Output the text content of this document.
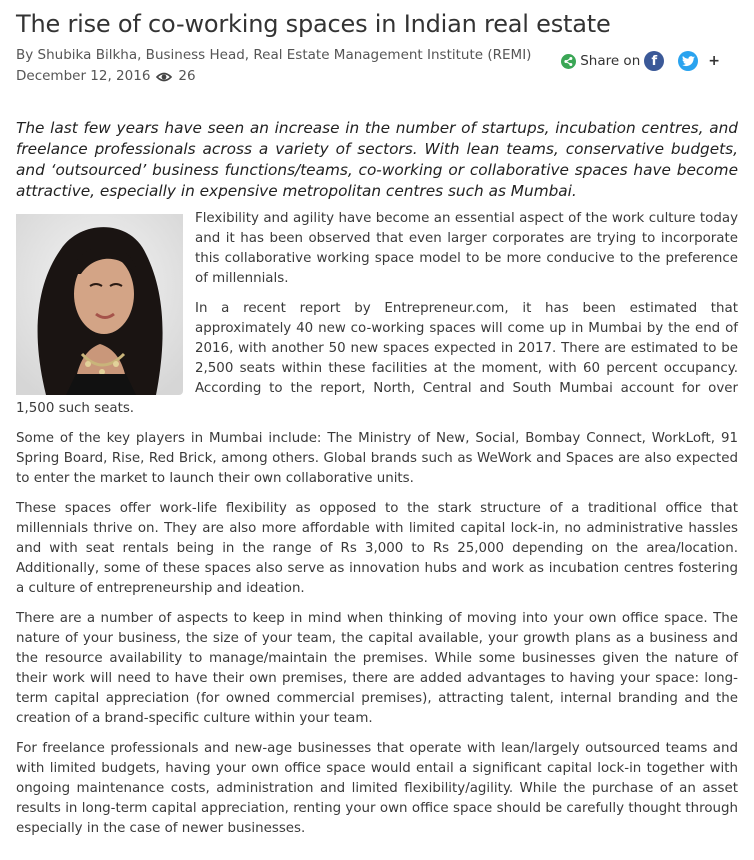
The rise of co-working spaces in Indian real estate
By Shubika Bilkha, Business Head, Real Estate Management Institute (REMI)
December 12, 2016 26
Share on f	+

The last few years have seen an increase in the number of startups, incubation centres, and freelance professionals across a variety of sectors. With lean teams, conservative budgets, and ‘outsourced’ business functions/teams, co-working or collaborative spaces have become attractive, especially in expensive metropolitan centres such as Mumbai.

Flexibility and agility have become an essential aspect of the work culture today and it has been observed that even larger corporates are trying to incorporate this collaborative working space model to be more conducive to the preference of millennials.

In a recent report by Entrepreneur.com, it has been estimated that approximately 40 new co-working spaces will come up in Mumbai by the end of 2016, with another 50 new spaces expected in 2017. There are estimated to be 2,500 seats within these facilities at the moment, with 60 percent occupancy. According to the report, North, Central and South Mumbai account for over 1,500 such seats.

Some of the key players in Mumbai include: The Ministry of New, Social, Bombay Connect, WorkLoft, 91 Spring Board, Rise, Red Brick, among others. Global brands such as WeWork and Spaces are also expected to enter the market to launch their own collaborative units.

These spaces offer work-life flexibility as opposed to the stark structure of a traditional office that millennials thrive on. They are also more affordable with limited capital lock-in, no administrative hassles and with seat rentals being in the range of Rs 3,000 to Rs 25,000 depending on the area/location. Additionally, some of these spaces also serve as innovation hubs and work as incubation centres fostering a culture of entrepreneurship and ideation.

There are a number of aspects to keep in mind when thinking of moving into your own office space. The nature of your business, the size of your team, the capital available, your growth plans as a business and the resource availability to manage/maintain the premises. While some businesses given the nature of their work will need to have their own premises, there are added advantages to having your space: long-term capital appreciation (for owned commercial premises), attracting talent, internal branding and the creation of a brand-specific culture within your team.

For freelance professionals and new-age businesses that operate with lean/largely outsourced teams and with limited budgets, having your own office space would entail a significant capital lock-in together with ongoing maintenance costs, administration and limited flexibility/agility. While the purchase of an asset results in long-term capital appreciation, renting your own office space should be carefully thought through especially in the case of newer businesses.
